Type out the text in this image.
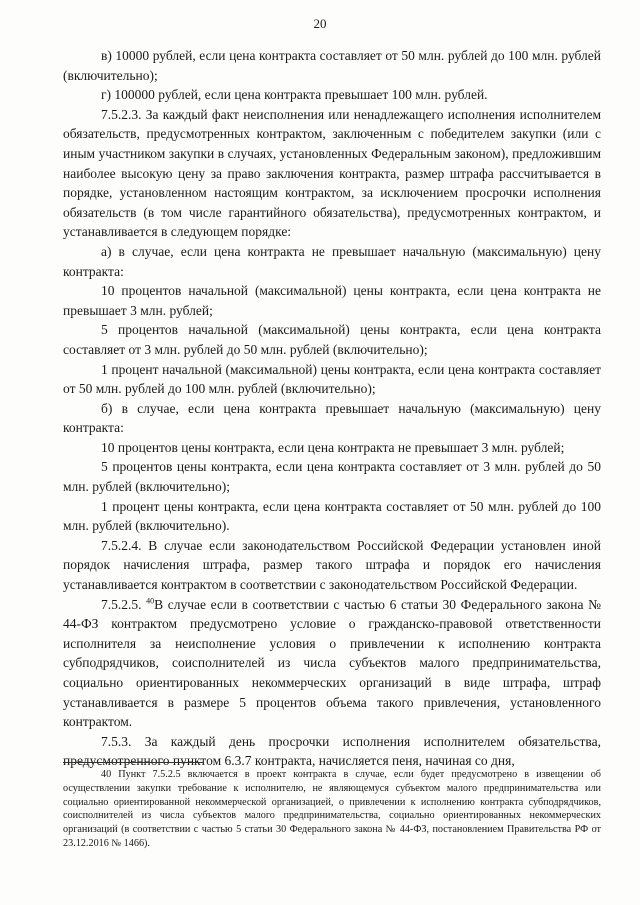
20

в) 10000 рублей, если цена контракта составляет от 50 млн. рублей до 100 млн. рублей (включительно);

г) 100000 рублей, если цена контракта превышает 100 млн. рублей.

7.5.2.3. За каждый факт неисполнения или ненадлежащего исполнения исполнителем обязательств, предусмотренных контрактом, заключенным с победителем закупки (или с иным участником закупки в случаях, установленных Федеральным законом), предложившим наиболее высокую цену за право заключения контракта, размер штрафа рассчитывается в порядке, установленном настоящим контрактом, за исключением просрочки исполнения обязательств (в том числе гарантийного обязательства), предусмотренных контрактом, и устанавливается в следующем порядке:

а) в случае, если цена контракта не превышает начальную (максимальную) цену контракта:

10 процентов начальной (максимальной) цены контракта, если цена контракта не превышает 3 млн. рублей;

5 процентов начальной (максимальной) цены контракта, если цена контракта составляет от 3 млн. рублей до 50 млн. рублей (включительно);

1 процент начальной (максимальной) цены контракта, если цена контракта составляет от 50 млн. рублей до 100 млн. рублей (включительно);

б) в случае, если цена контракта превышает начальную (максимальную) цену контракта:

10 процентов цены контракта, если цена контракта не превышает 3 млн. рублей;

5 процентов цены контракта, если цена контракта составляет от 3 млн. рублей до 50 млн. рублей (включительно);

1 процент цены контракта, если цена контракта составляет от 50 млн. рублей до 100 млн. рублей (включительно).

7.5.2.4. В случае если законодательством Российской Федерации установлен иной порядок начисления штрафа, размер такого штрафа и порядок его начисления устанавливается контрактом в соответствии с законодательством Российской Федерации.

7.5.2.5. $^{40}$В случае если в соответствии с частью 6 статьи 30 Федерального закона № 44-ФЗ контрактом предусмотрено условие о гражданско-правовой ответственности исполнителя за неисполнение условия о привлечении к исполнению контракта субподрядчиков, соисполнителей из числа субъектов малого предпринимательства, социально ориентированных некоммерческих организаций в виде штрафа, штраф устанавливается в размере 5 процентов объема такого привлечения, установленного контрактом.

7.5.3. За каждый день просрочки исполнения исполнителем обязательства, предусмотренного пунктом 6.3.7 контракта, начисляется пеня, начиная со дня,

40 Пункт 7.5.2.5 включается в проект контракта в случае, если будет предусмотрено в извещении об осуществлении закупки требование к исполнителю, не являющемуся субъектом малого предпринимательства или социально ориентированной некоммерческой организацией, о привлечении к исполнению контракта субподрядчиков, соисполнителей из числа субъектов малого предпринимательства, социально ориентированных некоммерческих организаций (в соответствии с частью 5 статьи 30 Федерального закона № 44-ФЗ, постановлением Правительства РФ от 23.12.2016 № 1466).
